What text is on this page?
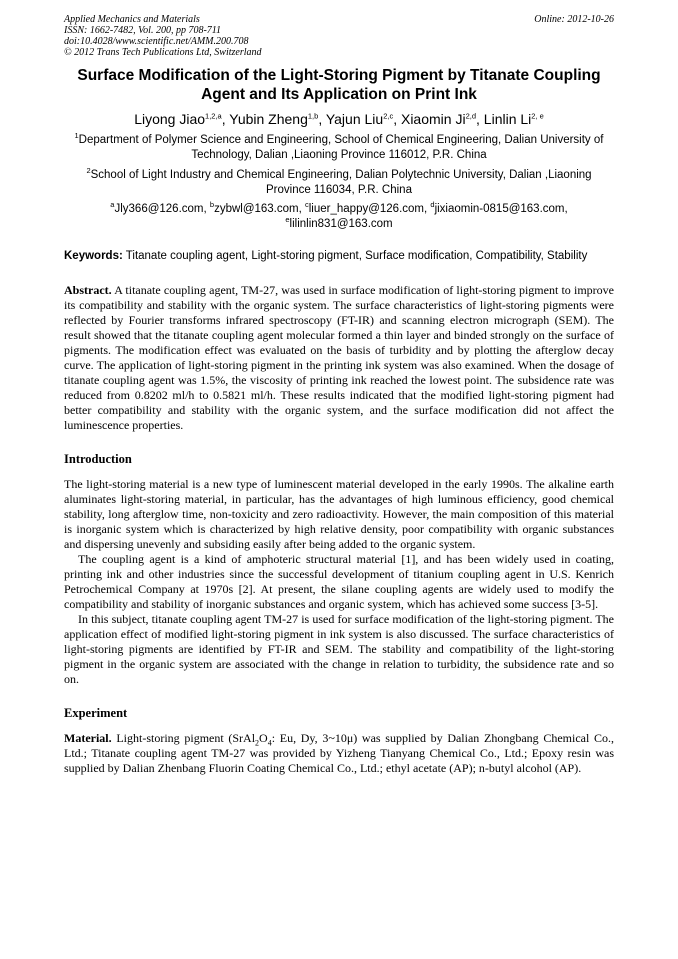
Applied Mechanics and Materials
ISSN: 1662-7482, Vol. 200, pp 708-711
doi:10.4028/www.scientific.net/AMM.200.708
© 2012 Trans Tech Publications Ltd, Switzerland
Online: 2012-10-26
Surface Modification of the Light-Storing Pigment by Titanate Coupling
Agent and Its Application on Print Ink
Liyong Jiao$^{1,2,a}$, Yubin Zheng$^{1,b}$, Yajun Liu$^{2,c}$, Xiaomin Ji$^{2,d}$, Linlin Li$^{2, e}$
$^1$Department of Polymer Science and Engineering, School of Chemical Engineering, Dalian University of Technology, Dalian ,Liaoning Province 116012, P.R. China
$^2$School of Light Industry and Chemical Engineering, Dalian Polytechnic University, Dalian ,Liaoning Province 116034, P.R. China
$^a$Jly366@126.com, $^b$zybwl@163.com, $^c$liuer_happy@126.com, $^d$jixiaomin-0815@163.com, $^e$lilinlin831@163.com
Keywords: Titanate coupling agent, Light-storing pigment, Surface modification, Compatibility, Stability
Abstract. A titanate coupling agent, TM-27, was used in surface modification of light-storing pigment to improve its compatibility and stability with the organic system. The surface characteristics of light-storing pigments were reflected by Fourier transforms infrared spectroscopy (FT-IR) and scanning electron micrograph (SEM). The result showed that the titanate coupling agent molecular formed a thin layer and binded strongly on the surface of pigments. The modification effect was evaluated on the basis of turbidity and by plotting the afterglow decay curve. The application of light-storing pigment in the printing ink system was also examined. When the dosage of titanate coupling agent was 1.5%, the viscosity of printing ink reached the lowest point. The subsidence rate was reduced from 0.8202 ml/h to 0.5821 ml/h. These results indicated that the modified light-storing pigment had better compatibility and stability with the organic system, and the surface modification did not affect the luminescence properties.
Introduction
The light-storing material is a new type of luminescent material developed in the early 1990s. The alkaline earth aluminates light-storing material, in particular, has the advantages of high luminous efficiency, good chemical stability, long afterglow time, non-toxicity and zero radioactivity. However, the main composition of this material is inorganic system which is characterized by high relative density, poor compatibility with organic substances and dispersing unevenly and subsiding easily after being added to the organic system.
The coupling agent is a kind of amphoteric structural material [1], and has been widely used in coating, printing ink and other industries since the successful development of titanium coupling agent in U.S. Kenrich Petrochemical Company at 1970s [2]. At present, the silane coupling agents are widely used to modify the compatibility and stability of inorganic substances and organic system, which has achieved some success [3-5].
In this subject, titanate coupling agent TM-27 is used for surface modification of the light-storing pigment. The application effect of modified light-storing pigment in ink system is also discussed. The surface characteristics of light-storing pigments are identified by FT-IR and SEM. The stability and compatibility of the light-storing pigment in the organic system are associated with the change in relation to turbidity, the subsidence rate and so on.
Experiment
Material. Light-storing pigment ($SrAl_2O_4$: Eu, Dy, 3~10μ) was supplied by Dalian Zhongbang Chemical Co., Ltd.; Titanate coupling agent TM-27 was provided by Yizheng Tianyang Chemical Co., Ltd.; Epoxy resin was supplied by Dalian Zhenbang Fluorin Coating Chemical Co., Ltd.; ethyl acetate (AP); n-butyl alcohol (AP).
